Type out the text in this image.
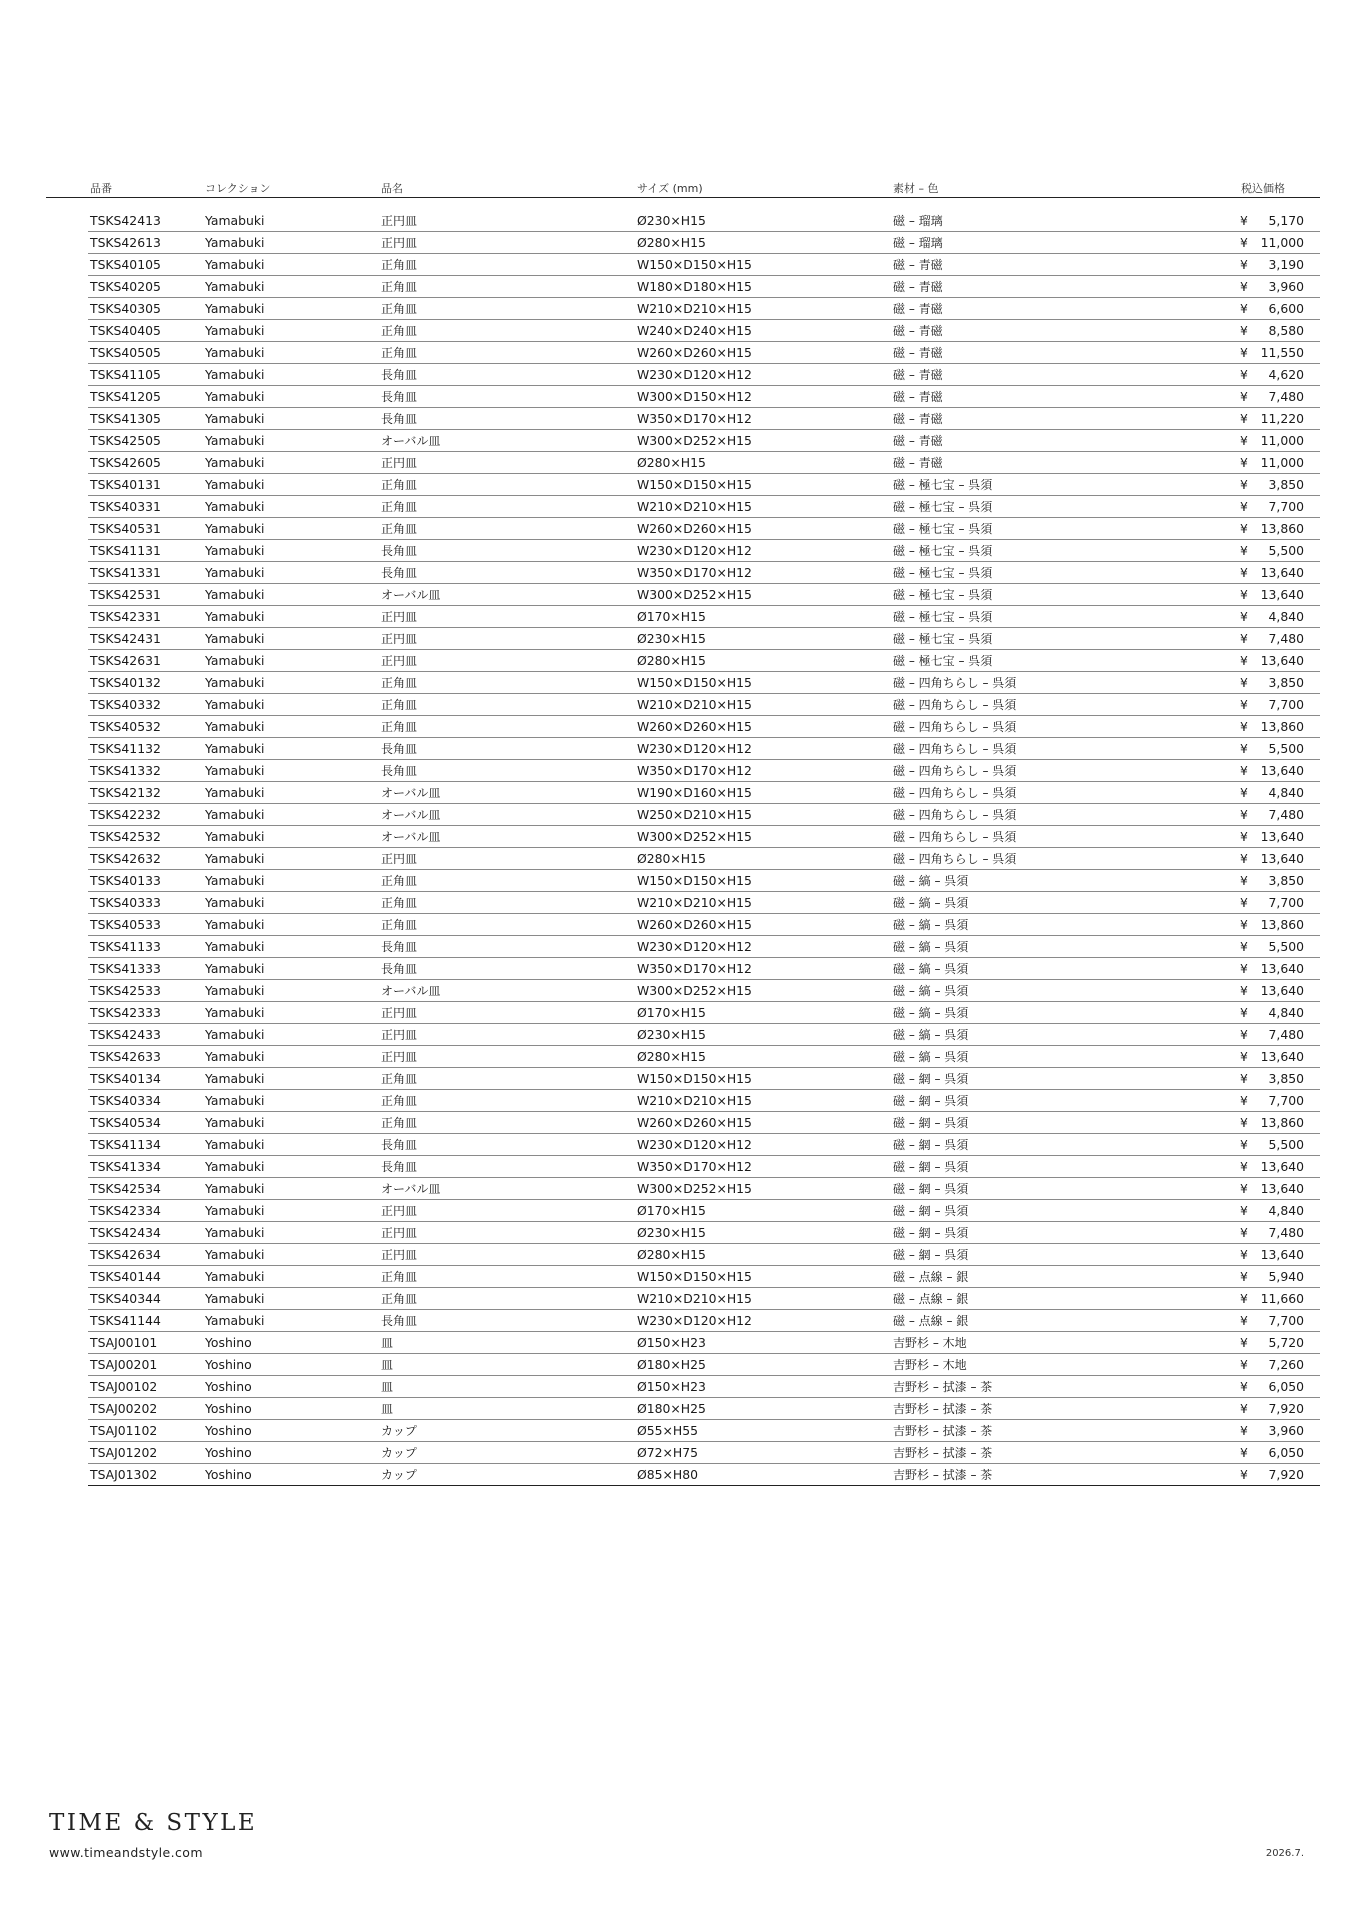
品番	コレクション	品名	サイズ (mm)	素材 – 色	税込価格
TSKS42413	Yamabuki	正円皿	Ø230×H15	磁 – 瑠璃	¥ 5,170
TSKS42613	Yamabuki	正円皿	Ø280×H15	磁 – 瑠璃	¥ 11,000
TSKS40105	Yamabuki	正角皿	W150×D150×H15	磁 – 青磁	¥ 3,190
TSKS40205	Yamabuki	正角皿	W180×D180×H15	磁 – 青磁	¥ 3,960
TSKS40305	Yamabuki	正角皿	W210×D210×H15	磁 – 青磁	¥ 6,600
TSKS40405	Yamabuki	正角皿	W240×D240×H15	磁 – 青磁	¥ 8,580
TSKS40505	Yamabuki	正角皿	W260×D260×H15	磁 – 青磁	¥ 11,550
TSKS41105	Yamabuki	長角皿	W230×D120×H12	磁 – 青磁	¥ 4,620
TSKS41205	Yamabuki	長角皿	W300×D150×H12	磁 – 青磁	¥ 7,480
TSKS41305	Yamabuki	長角皿	W350×D170×H12	磁 – 青磁	¥ 11,220
TSKS42505	Yamabuki	オーバル皿	W300×D252×H15	磁 – 青磁	¥ 11,000
TSKS42605	Yamabuki	正円皿	Ø280×H15	磁 – 青磁	¥ 11,000
TSKS40131	Yamabuki	正角皿	W150×D150×H15	磁 – 極七宝 – 呉須	¥ 3,850
TSKS40331	Yamabuki	正角皿	W210×D210×H15	磁 – 極七宝 – 呉須	¥ 7,700
TSKS40531	Yamabuki	正角皿	W260×D260×H15	磁 – 極七宝 – 呉須	¥ 13,860
TSKS41131	Yamabuki	長角皿	W230×D120×H12	磁 – 極七宝 – 呉須	¥ 5,500
TSKS41331	Yamabuki	長角皿	W350×D170×H12	磁 – 極七宝 – 呉須	¥ 13,640
TSKS42531	Yamabuki	オーバル皿	W300×D252×H15	磁 – 極七宝 – 呉須	¥ 13,640
TSKS42331	Yamabuki	正円皿	Ø170×H15	磁 – 極七宝 – 呉須	¥ 4,840
TSKS42431	Yamabuki	正円皿	Ø230×H15	磁 – 極七宝 – 呉須	¥ 7,480
TSKS42631	Yamabuki	正円皿	Ø280×H15	磁 – 極七宝 – 呉須	¥ 13,640
TSKS40132	Yamabuki	正角皿	W150×D150×H15	磁 – 四角ちらし – 呉須	¥ 3,850
TSKS40332	Yamabuki	正角皿	W210×D210×H15	磁 – 四角ちらし – 呉須	¥ 7,700
TSKS40532	Yamabuki	正角皿	W260×D260×H15	磁 – 四角ちらし – 呉須	¥ 13,860
TSKS41132	Yamabuki	長角皿	W230×D120×H12	磁 – 四角ちらし – 呉須	¥ 5,500
TSKS41332	Yamabuki	長角皿	W350×D170×H12	磁 – 四角ちらし – 呉須	¥ 13,640
TSKS42132	Yamabuki	オーバル皿	W190×D160×H15	磁 – 四角ちらし – 呉須	¥ 4,840
TSKS42232	Yamabuki	オーバル皿	W250×D210×H15	磁 – 四角ちらし – 呉須	¥ 7,480
TSKS42532	Yamabuki	オーバル皿	W300×D252×H15	磁 – 四角ちらし – 呉須	¥ 13,640
TSKS42632	Yamabuki	正円皿	Ø280×H15	磁 – 四角ちらし – 呉須	¥ 13,640
TSKS40133	Yamabuki	正角皿	W150×D150×H15	磁 – 縞 – 呉須	¥ 3,850
TSKS40333	Yamabuki	正角皿	W210×D210×H15	磁 – 縞 – 呉須	¥ 7,700
TSKS40533	Yamabuki	正角皿	W260×D260×H15	磁 – 縞 – 呉須	¥ 13,860
TSKS41133	Yamabuki	長角皿	W230×D120×H12	磁 – 縞 – 呉須	¥ 5,500
TSKS41333	Yamabuki	長角皿	W350×D170×H12	磁 – 縞 – 呉須	¥ 13,640
TSKS42533	Yamabuki	オーバル皿	W300×D252×H15	磁 – 縞 – 呉須	¥ 13,640
TSKS42333	Yamabuki	正円皿	Ø170×H15	磁 – 縞 – 呉須	¥ 4,840
TSKS42433	Yamabuki	正円皿	Ø230×H15	磁 – 縞 – 呉須	¥ 7,480
TSKS42633	Yamabuki	正円皿	Ø280×H15	磁 – 縞 – 呉須	¥ 13,640
TSKS40134	Yamabuki	正角皿	W150×D150×H15	磁 – 網 – 呉須	¥ 3,850
TSKS40334	Yamabuki	正角皿	W210×D210×H15	磁 – 網 – 呉須	¥ 7,700
TSKS40534	Yamabuki	正角皿	W260×D260×H15	磁 – 網 – 呉須	¥ 13,860
TSKS41134	Yamabuki	長角皿	W230×D120×H12	磁 – 網 – 呉須	¥ 5,500
TSKS41334	Yamabuki	長角皿	W350×D170×H12	磁 – 網 – 呉須	¥ 13,640
TSKS42534	Yamabuki	オーバル皿	W300×D252×H15	磁 – 網 – 呉須	¥ 13,640
TSKS42334	Yamabuki	正円皿	Ø170×H15	磁 – 網 – 呉須	¥ 4,840
TSKS42434	Yamabuki	正円皿	Ø230×H15	磁 – 網 – 呉須	¥ 7,480
TSKS42634	Yamabuki	正円皿	Ø280×H15	磁 – 網 – 呉須	¥ 13,640
TSKS40144	Yamabuki	正角皿	W150×D150×H15	磁 – 点線 – 銀	¥ 5,940
TSKS40344	Yamabuki	正角皿	W210×D210×H15	磁 – 点線 – 銀	¥ 11,660
TSKS41144	Yamabuki	長角皿	W230×D120×H12	磁 – 点線 – 銀	¥ 7,700
TSAJ00101	Yoshino	皿	Ø150×H23	吉野杉 – 木地	¥ 5,720
TSAJ00201	Yoshino	皿	Ø180×H25	吉野杉 – 木地	¥ 7,260
TSAJ00102	Yoshino	皿	Ø150×H23	吉野杉 – 拭漆 – 茶	¥ 6,050
TSAJ00202	Yoshino	皿	Ø180×H25	吉野杉 – 拭漆 – 茶	¥ 7,920
TSAJ01102	Yoshino	カップ	Ø55×H55	吉野杉 – 拭漆 – 茶	¥ 3,960
TSAJ01202	Yoshino	カップ	Ø72×H75	吉野杉 – 拭漆 – 茶	¥ 6,050
TSAJ01302	Yoshino	カップ	Ø85×H80	吉野杉 – 拭漆 – 茶	¥ 7,920
TIME & STYLE
www.timeandstyle.com	2026.7.
